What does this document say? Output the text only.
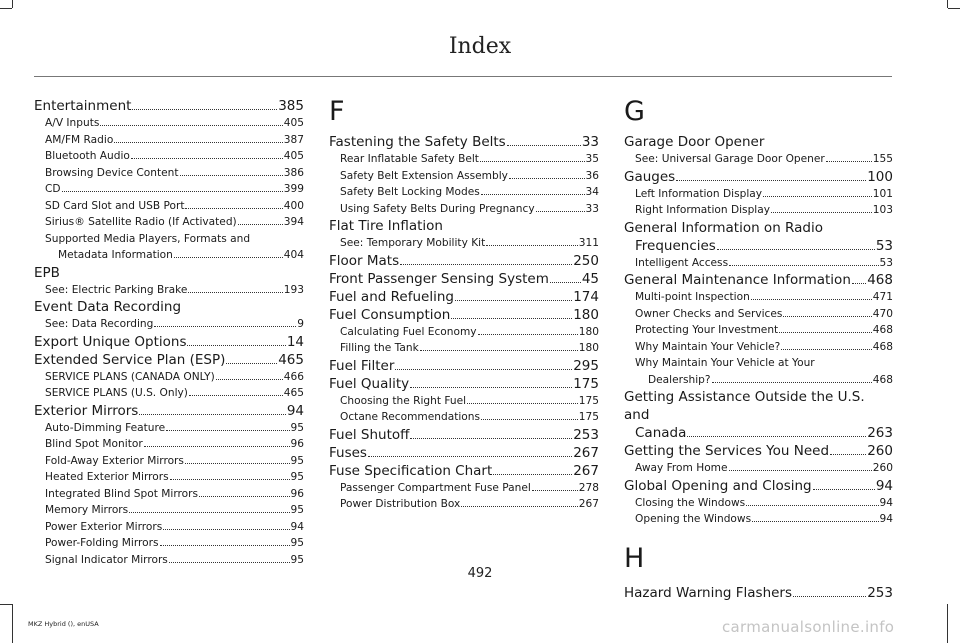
Index
Entertainment	385
A/V Inputs	405
AM/FM Radio	387
Bluetooth Audio	405
Browsing Device Content	386
CD	399
SD Card Slot and USB Port	400
Sirius® Satellite Radio (If Activated)	394
Supported Media Players, Formats and
Metadata Information	404
EPB
See: Electric Parking Brake	193
Event Data Recording
See: Data Recording	9
Export Unique Options	14
Extended Service Plan (ESP)	465
SERVICE PLANS (CANADA ONLY)	466
SERVICE PLANS (U.S. Only)	465
Exterior Mirrors	94
Auto-Dimming Feature	95
Blind Spot Monitor	96
Fold-Away Exterior Mirrors	95
Heated Exterior Mirrors	95
Integrated Blind Spot Mirrors	96
Memory Mirrors	95
Power Exterior Mirrors	94
Power-Folding Mirrors	95
Signal Indicator Mirrors	95
F
Fastening the Safety Belts	33
Rear Inflatable Safety Belt	35
Safety Belt Extension Assembly	36
Safety Belt Locking Modes	34
Using Safety Belts During Pregnancy	33
Flat Tire Inflation
See: Temporary Mobility Kit	311
Floor Mats	250
Front Passenger Sensing System 45
Fuel and Refueling	174
Fuel Consumption	180
Calculating Fuel Economy	180
Filling the Tank	180
Fuel Filter	295
Fuel Quality	175
Choosing the Right Fuel	175
Octane Recommendations	175
Fuel Shutoff	253
Fuses	267
Fuse Specification Chart	267
Passenger Compartment Fuse Panel	278
Power Distribution Box	267
G
Garage Door Opener
See: Universal Garage Door Opener	155
Gauges	100
Left Information Display	101
Right Information Display	103
General Information on Radio
Frequencies	53
Intelligent Access	53
General Maintenance Information 468
Multi-point Inspection	471
Owner Checks and Services	470
Protecting Your Investment	468
Why Maintain Your Vehicle?	468
Why Maintain Your Vehicle at Your
Dealership?	468
Getting Assistance Outside the U.S. and
Canada	263
Getting the Services You Need	260
Away From Home	260
Global Opening and Closing	94
Closing the Windows	94
Opening the Windows	94
H
Hazard Warning Flashers	253
492
MKZ Hybrid (), enUSA	carmanualsonline.info
